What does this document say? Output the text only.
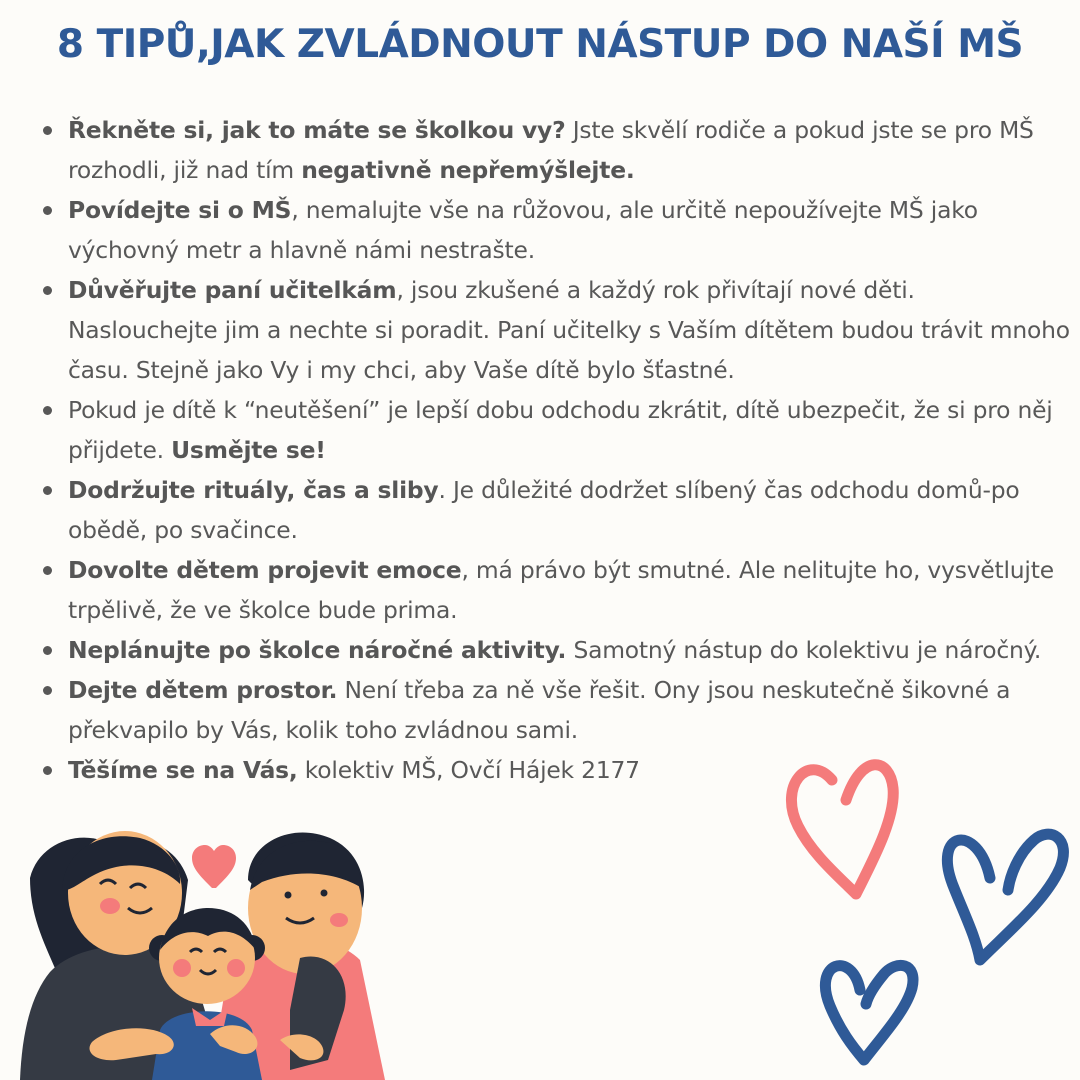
8 TIPŮ,JAK ZVLÁDNOUT NÁSTUP DO NAŠÍ MŠ
Řekněte si, jak to máte se školkou vy? Jste skvělí rodiče a pokud jste se pro MŠ rozhodli, již nad tím negativně nepřemýšlejte.
Povídejte si o MŠ, nemalujte vše na růžovou, ale určitě nepoužívejte MŠ jako výchovný metr a hlavně námi nestrašte.
Důvěřujte paní učitelkám, jsou zkušené a každý rok přivítají nové děti. Naslouchejte jim a nechte si poradit. Paní učitelky s Vaším dítětem budou trávit mnoho času. Stejně jako Vy i my chci, aby Vaše dítě bylo šťastné.
Pokud je dítě k “neutěšení” je lepší dobu odchodu zkrátit, dítě ubezpečit, že si pro něj přijdete. Usmějte se!
Dodržujte rituály, čas a sliby. Je důležité dodržet slíbený čas odchodu domů-po obědě, po svačince.
Dovolte dětem projevit emoce, má právo být smutné. Ale nelitujte ho, vysvětlujte trpělivě, že ve školce bude prima.
Neplánujte po školce náročné aktivity. Samotný nástup do kolektivu je náročný.
Dejte dětem prostor. Není třeba za ně vše řešit. Ony jsou neskutečně šikovné a překvapilo by Vás, kolik toho zvládnou sami.
Těšíme se na Vás, kolektiv MŠ, Ovčí Hájek 2177
